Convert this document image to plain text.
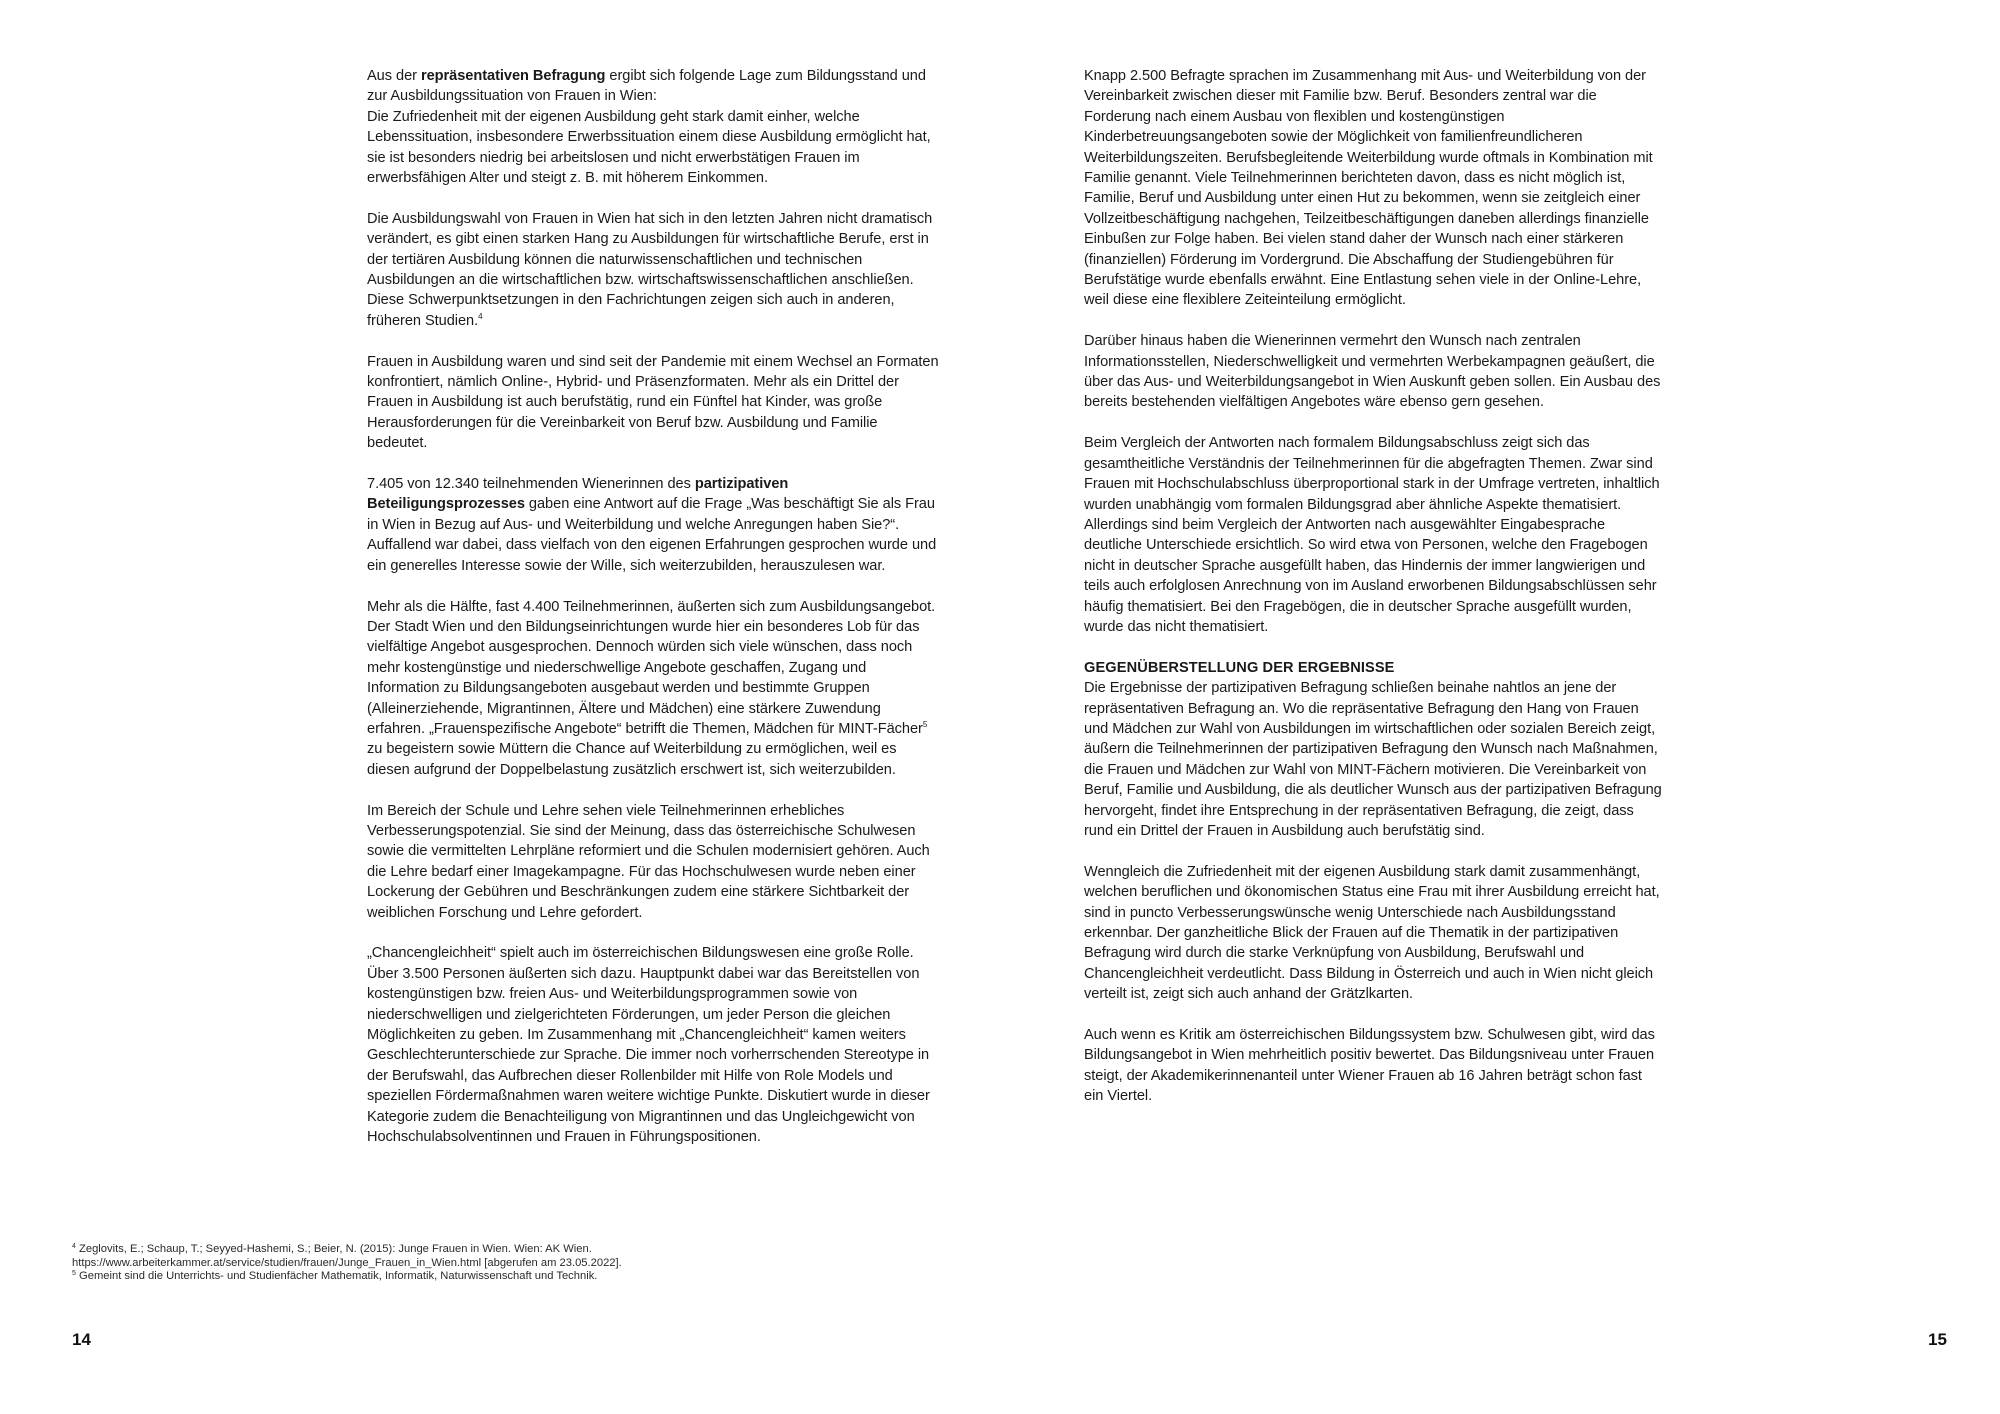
Aus der repräsentativen Befragung ergibt sich folgende Lage zum Bildungsstand und zur Ausbildungssituation von Frauen in Wien:

Die Zufriedenheit mit der eigenen Ausbildung geht stark damit einher, welche Lebenssituation, insbesondere Erwerbssituation einem diese Ausbildung ermöglicht hat, sie ist besonders niedrig bei arbeitslosen und nicht erwerbstätigen Frauen im erwerbsfähigen Alter und steigt z. B. mit höherem Einkommen.

Die Ausbildungswahl von Frauen in Wien hat sich in den letzten Jahren nicht dramatisch verändert, es gibt einen starken Hang zu Ausbildungen für wirtschaftliche Berufe, erst in der tertiären Ausbildung können die naturwissenschaftlichen und technischen Ausbildungen an die wirtschaftlichen bzw. wirtschaftswissenschaftlichen anschließen. Diese Schwerpunktsetzungen in den Fachrichtungen zeigen sich auch in anderen, früheren Studien.$^4$

Frauen in Ausbildung waren und sind seit der Pandemie mit einem Wechsel an Formaten konfrontiert, nämlich Online-, Hybrid- und Präsenzformaten. Mehr als ein Drittel der Frauen in Ausbildung ist auch berufstätig, rund ein Fünftel hat Kinder, was große Herausforderungen für die Vereinbarkeit von Beruf bzw. Ausbildung und Familie bedeutet.

7.405 von 12.340 teilnehmenden Wienerinnen des partizipativen Beteiligungsprozesses gaben eine Antwort auf die Frage „Was beschäftigt Sie als Frau in Wien in Bezug auf Aus- und Weiterbildung und welche Anregungen haben Sie?“. Auffallend war dabei, dass vielfach von den eigenen Erfahrungen gesprochen wurde und ein generelles Interesse sowie der Wille, sich weiterzubilden, herauszulesen war.

Mehr als die Hälfte, fast 4.400 Teilnehmerinnen, äußerten sich zum Ausbildungsangebot. Der Stadt Wien und den Bildungseinrichtungen wurde hier ein besonderes Lob für das vielfältige Angebot ausgesprochen. Dennoch würden sich viele wünschen, dass noch mehr kostengünstige und niederschwellige Angebote geschaffen, Zugang und Information zu Bildungsangeboten ausgebaut werden und bestimmte Gruppen (Alleinerziehende, Migrantinnen, Ältere und Mädchen) eine stärkere Zuwendung erfahren. „Frauenspezifische Angebote“ betrifft die Themen, Mädchen für MINT-Fächer$^5$ zu begeistern sowie Müttern die Chance auf Weiterbildung zu ermöglichen, weil es diesen aufgrund der Doppelbelastung zusätzlich erschwert ist, sich weiterzubilden.

Im Bereich der Schule und Lehre sehen viele Teilnehmerinnen erhebliches Verbesserungspotenzial. Sie sind der Meinung, dass das österreichische Schulwesen sowie die vermittelten Lehrpläne reformiert und die Schulen modernisiert gehören. Auch die Lehre bedarf einer Imagekampagne. Für das Hochschulwesen wurde neben einer Lockerung der Gebühren und Beschränkungen zudem eine stärkere Sichtbarkeit der weiblichen Forschung und Lehre gefordert.

„Chancengleichheit“ spielt auch im österreichischen Bildungswesen eine große Rolle. Über 3.500 Personen äußerten sich dazu. Hauptpunkt dabei war das Bereitstellen von kostengünstigen bzw. freien Aus- und Weiterbildungsprogrammen sowie von niederschwelligen und zielgerichteten Förderungen, um jeder Person die gleichen Möglichkeiten zu geben. Im Zusammenhang mit „Chancengleichheit“ kamen weiters Geschlechterunterschiede zur Sprache. Die immer noch vorherrschenden Stereotype in der Berufswahl, das Aufbrechen dieser Rollenbilder mit Hilfe von Role Models und speziellen Fördermaßnahmen waren weitere wichtige Punkte. Diskutiert wurde in dieser Kategorie zudem die Benachteiligung von Migrantinnen und das Ungleichgewicht von Hochschulabsolventinnen und Frauen in Führungspositionen.

$^4$ Zeglovits, E.; Schaup, T.; Seyyed-Hashemi, S.; Beier, N. (2015): Junge Frauen in Wien. Wien: AK Wien. https://www.arbeiterkammer.at/service/studien/frauen/Junge_Frauen_in_Wien.html [abgerufen am 23.05.2022].

$^5$ Gemeint sind die Unterrichts- und Studienfächer Mathematik, Informatik, Naturwissenschaft und Technik.

14

Knapp 2.500 Befragte sprachen im Zusammenhang mit Aus- und Weiterbildung von der Vereinbarkeit zwischen dieser mit Familie bzw. Beruf. Besonders zentral war die Forderung nach einem Ausbau von flexiblen und kostengünstigen Kinderbetreuungsangeboten sowie der Möglichkeit von familienfreundlicheren Weiterbildungszeiten. Berufsbegleitende Weiterbildung wurde oftmals in Kombination mit Familie genannt. Viele Teilnehmerinnen berichteten davon, dass es nicht möglich ist, Familie, Beruf und Ausbildung unter einen Hut zu bekommen, wenn sie zeitgleich einer Vollzeitbeschäftigung nachgehen, Teilzeitbeschäftigungen daneben allerdings finanzielle Einbußen zur Folge haben. Bei vielen stand daher der Wunsch nach einer stärkeren (finanziellen) Förderung im Vordergrund. Die Abschaffung der Studiengebühren für Berufstätige wurde ebenfalls erwähnt. Eine Entlastung sehen viele in der Online-Lehre, weil diese eine flexiblere Zeiteinteilung ermöglicht.

Darüber hinaus haben die Wienerinnen vermehrt den Wunsch nach zentralen Informationsstellen, Niederschwelligkeit und vermehrten Werbekampagnen geäußert, die über das Aus- und Weiterbildungsangebot in Wien Auskunft geben sollen. Ein Ausbau des bereits bestehenden vielfältigen Angebotes wäre ebenso gern gesehen.

Beim Vergleich der Antworten nach formalem Bildungsabschluss zeigt sich das gesamtheitliche Verständnis der Teilnehmerinnen für die abgefragten Themen. Zwar sind Frauen mit Hochschulabschluss überproportional stark in der Umfrage vertreten, inhaltlich wurden unabhängig vom formalen Bildungsgrad aber ähnliche Aspekte thematisiert. Allerdings sind beim Vergleich der Antworten nach ausgewählter Eingabesprache deutliche Unterschiede ersichtlich. So wird etwa von Personen, welche den Fragebogen nicht in deutscher Sprache ausgefüllt haben, das Hindernis der immer langwierigen und teils auch erfolglosen Anrechnung von im Ausland erworbenen Bildungsabschlüssen sehr häufig thematisiert. Bei den Fragebögen, die in deutscher Sprache ausgefüllt wurden, wurde das nicht thematisiert.

GEGENÜBERSTELLUNG DER ERGEBNISSE

Die Ergebnisse der partizipativen Befragung schließen beinahe nahtlos an jene der repräsentativen Befragung an. Wo die repräsentative Befragung den Hang von Frauen und Mädchen zur Wahl von Ausbildungen im wirtschaftlichen oder sozialen Bereich zeigt, äußern die Teilnehmerinnen der partizipativen Befragung den Wunsch nach Maßnahmen, die Frauen und Mädchen zur Wahl von MINT-Fächern motivieren. Die Vereinbarkeit von Beruf, Familie und Ausbildung, die als deutlicher Wunsch aus der partizipativen Befragung hervorgeht, findet ihre Entsprechung in der repräsentativen Befragung, die zeigt, dass rund ein Drittel der Frauen in Ausbildung auch berufstätig sind.

Wenngleich die Zufriedenheit mit der eigenen Ausbildung stark damit zusammenhängt, welchen beruflichen und ökonomischen Status eine Frau mit ihrer Ausbildung erreicht hat, sind in puncto Verbesserungswünsche wenig Unterschiede nach Ausbildungsstand erkennbar. Der ganzheitliche Blick der Frauen auf die Thematik in der partizipativen Befragung wird durch die starke Verknüpfung von Ausbildung, Berufswahl und Chancengleichheit verdeutlicht. Dass Bildung in Österreich und auch in Wien nicht gleich verteilt ist, zeigt sich auch anhand der Grätzlkarten.

Auch wenn es Kritik am österreichischen Bildungssystem bzw. Schulwesen gibt, wird das Bildungsangebot in Wien mehrheitlich positiv bewertet. Das Bildungsniveau unter Frauen steigt, der Akademikerinnenanteil unter Wiener Frauen ab 16 Jahren beträgt schon fast ein Viertel.

15
